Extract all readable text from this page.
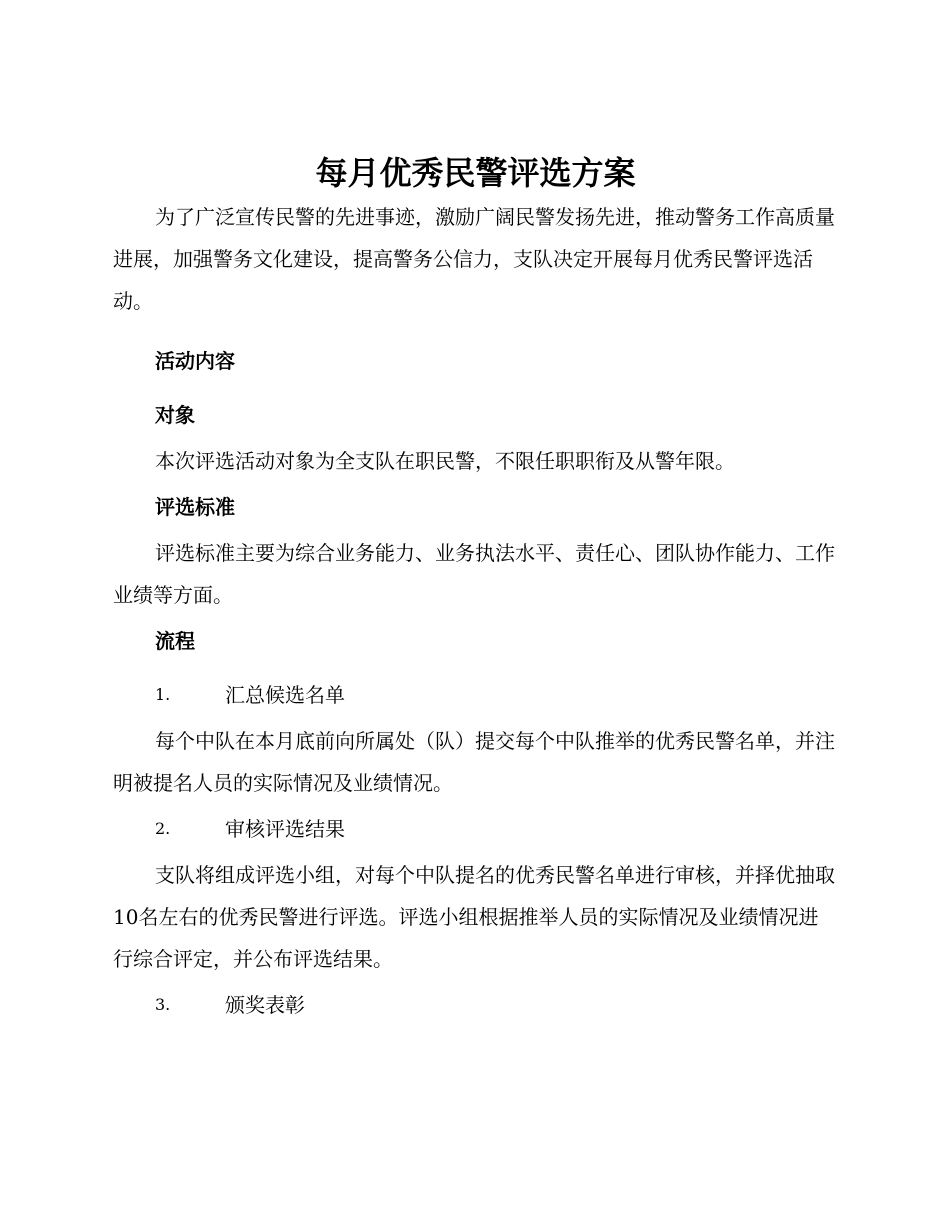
每月优秀民警评选方案

为了广泛宣传民警的先进事迹，激励广阔民警发扬先进，推动警务工作高质量进展，加强警务文化建设，提高警务公信力，支队决定开展每月优秀民警评选活动。

活动内容

对象

本次评选活动对象为全支队在职民警，不限任职职衔及从警年限。

评选标准

评选标准主要为综合业务能力、业务执法水平、责任心、团队协作能力、工作业绩等方面。

流程

1.	汇总候选名单

每个中队在本月底前向所属处（队）提交每个中队推举的优秀民警名单，并注明被提名人员的实际情况及业绩情况。

2.	审核评选结果

支队将组成评选小组，对每个中队提名的优秀民警名单进行审核，并择优抽取10名左右的优秀民警进行评选。评选小组根据推举人员的实际情况及业绩情况进行综合评定，并公布评选结果。

3.	颁奖表彰
